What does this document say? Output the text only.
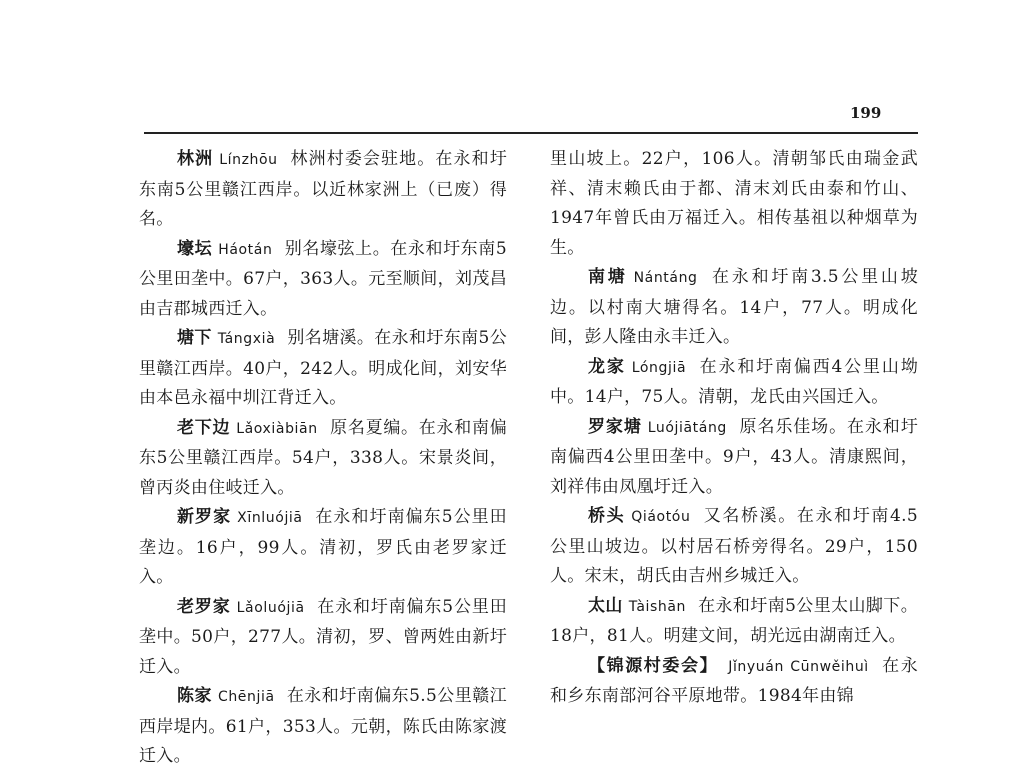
199

林洲 Línzhōu 林洲村委会驻地。在永和圩东南5公里赣江西岸。以近林家洲上（已废）得名。

壕坛 Háotán 别名壕弦上。在永和圩东南5公里田垄中。67户，363人。元至顺间，刘茂昌由吉郡城西迁入。

塘下 Tángxià 别名塘溪。在永和圩东南5公里赣江西岸。40户，242人。明成化间，刘安华由本邑永福中圳江背迁入。

老下边 Lǎoxiàbiān 原名夏编。在永和南偏东5公里赣江西岸。54户，338人。宋景炎间，曾丙炎由住岐迁入。

新罗家 Xīnluójiā 在永和圩南偏东5公里田垄边。16户，99人。清初，罗氏由老罗家迁入。

老罗家 Lǎoluójiā 在永和圩南偏东5公里田垄中。50户，277人。清初，罗、曾两姓由新圩迁入。

陈家 Chēnjiā 在永和圩南偏东5.5公里赣江西岸堤内。61户，353人。元朝，陈氏由陈家渡迁入。

里山坡上。22户，106人。清朝邹氏由瑞金武祥、清末赖氏由于都、清末刘氏由泰和竹山、1947年曾氏由万福迁入。相传基祖以种烟草为生。

南塘 Nántáng 在永和圩南3.5公里山坡边。以村南大塘得名。14户，77人。明成化间，彭人隆由永丰迁入。

龙家 Lóngjiā 在永和圩南偏西4公里山坳中。14户，75人。清朝，龙氏由兴国迁入。

罗家塘 Luójiātáng 原名乐佳场。在永和圩南偏西4公里田垄中。9户，43人。清康熙间，刘祥伟由凤凰圩迁入。

桥头 Qiáotóu 又名桥溪。在永和圩南4.5公里山坡边。以村居石桥旁得名。29户，150人。宋末，胡氏由吉州乡城迁入。

太山 Tàishān 在永和圩南5公里太山脚下。18户，81人。明建文间，胡光远由湖南迁入。

【锦源村委会】 Jǐnyuán Cūnwěihuì 在永和乡东南部河谷平原地带。1984年由锦
